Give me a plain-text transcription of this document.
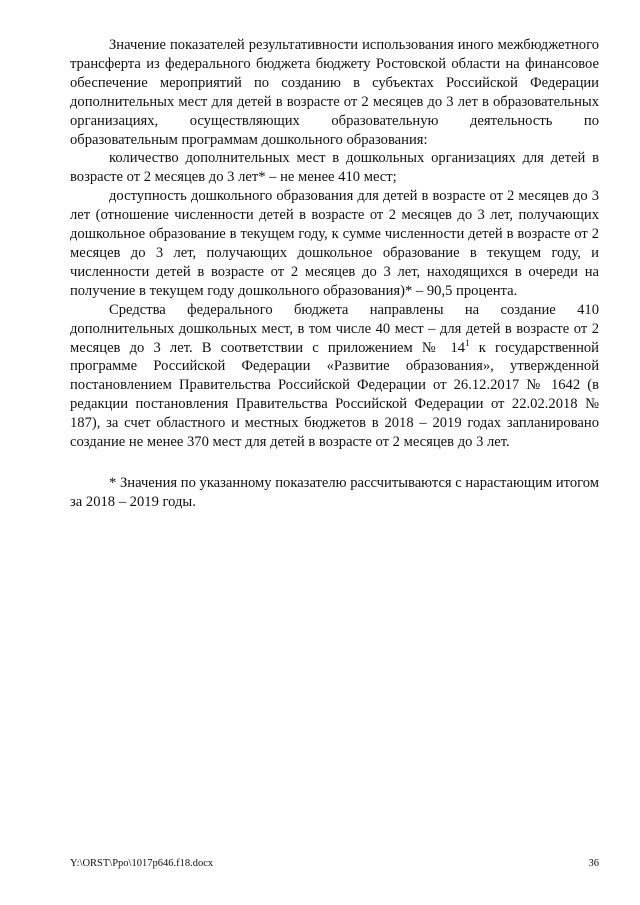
Значение показателей результативности использования иного межбюджетного трансферта из федерального бюджета бюджету Ростовской области на финансовое обеспечение мероприятий по созданию в субъектах Российской Федерации дополнительных мест для детей в возрасте от 2 месяцев до 3 лет в образовательных организациях, осуществляющих образовательную деятельность по образовательным программам дошкольного образования:

количество дополнительных мест в дошкольных организациях для детей в возрасте от 2 месяцев до 3 лет* – не менее 410 мест;

доступность дошкольного образования для детей в возрасте от 2 месяцев до 3 лет (отношение численности детей в возрасте от 2 месяцев до 3 лет, получающих дошкольное образование в текущем году, к сумме численности детей в возрасте от 2 месяцев до 3 лет, получающих дошкольное образование в текущем году, и численности детей в возрасте от 2 месяцев до 3 лет, находящихся в очереди на получение в текущем году дошкольного образования)* – 90,5 процента.

Средства федерального бюджета направлены на создание 410 дополнительных дошкольных мест, в том числе 40 мест – для детей в возрасте от 2 месяцев до 3 лет. В соответствии с приложением № $14^1$ к государственной программе Российской Федерации «Развитие образования», утвержденной постановлением Правительства Российской Федерации от 26.12.2017 № 1642 (в редакции постановления Правительства Российской Федерации от 22.02.2018 № 187), за счет областного и местных бюджетов в 2018 – 2019 годах запланировано создание не менее 370 мест для детей в возрасте от 2 месяцев до 3 лет.

* Значения по указанному показателю рассчитываются с нарастающим итогом за 2018 – 2019 годы.

Y:\ORST\Ppo\1017p646.f18.docx	36
